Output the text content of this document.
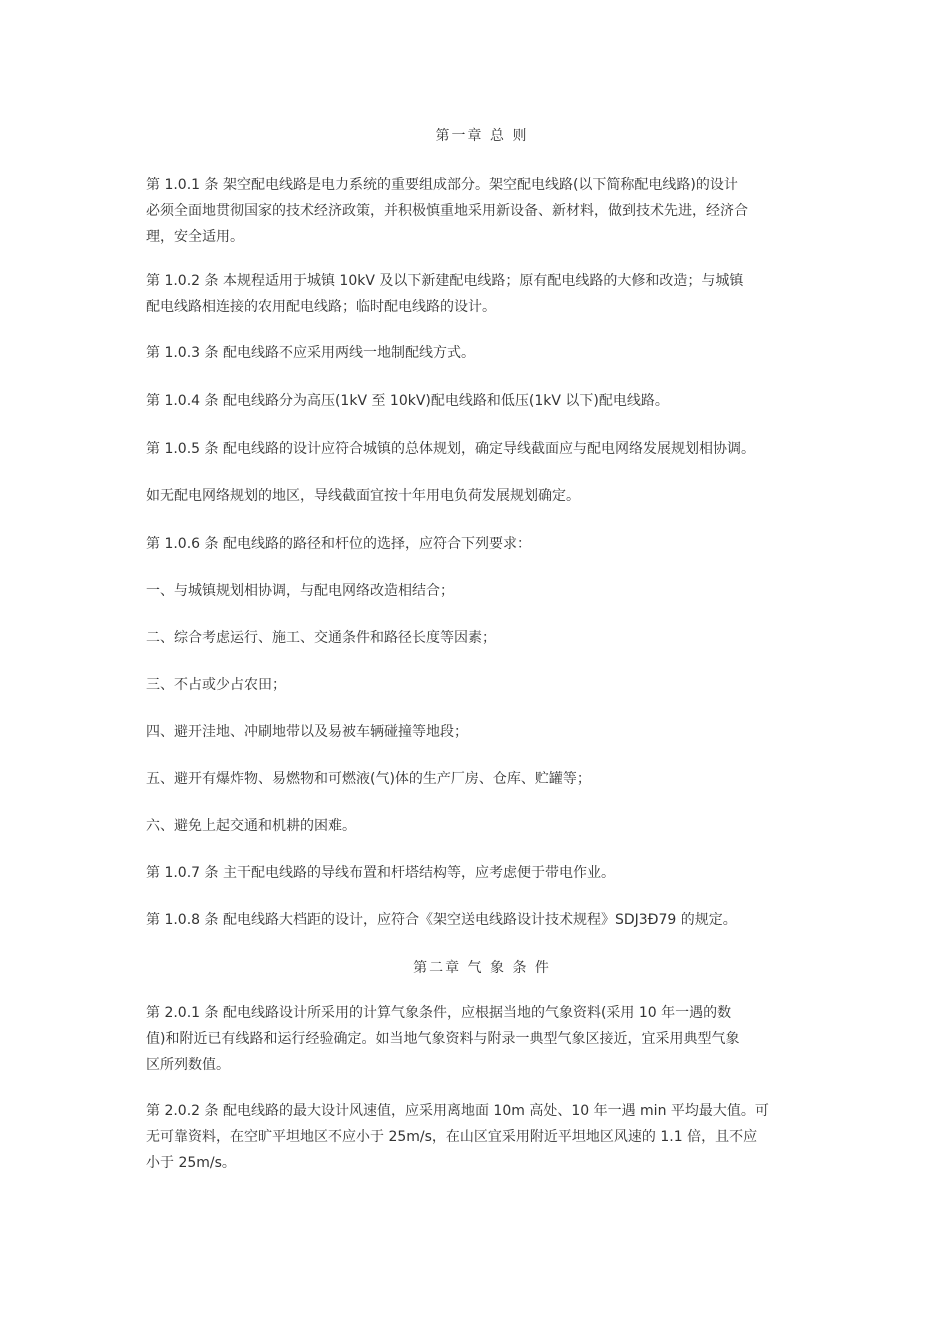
第一章 总 则
第 1.0.1 条 架空配电线路是电力系统的重要组成部分。架空配电线路(以下简称配电线路)的设计
必须全面地贯彻国家的技术经济政策，并积极慎重地采用新设备、新材料，做到技术先进，经济合
理，安全适用。
第 1.0.2 条 本规程适用于城镇 10kV 及以下新建配电线路；原有配电线路的大修和改造；与城镇
配电线路相连接的农用配电线路；临时配电线路的设计。
第 1.0.3 条 配电线路不应采用两线一地制配线方式。
第 1.0.4 条 配电线路分为高压(1kV 至 10kV)配电线路和低压(1kV 以下)配电线路。
第 1.0.5 条 配电线路的设计应符合城镇的总体规划，确定导线截面应与配电网络发展规划相协调。
如无配电网络规划的地区，导线截面宜按十年用电负荷发展规划确定。
第 1.0.6 条 配电线路的路径和杆位的选择，应符合下列要求：
一、与城镇规划相协调，与配电网络改造相结合；
二、综合考虑运行、施工、交通条件和路径长度等因素；
三、不占或少占农田；
四、避开洼地、冲刷地带以及易被车辆碰撞等地段；
五、避开有爆炸物、易燃物和可燃液(气)体的生产厂房、仓库、贮罐等；
六、避免上起交通和机耕的困难。
第 1.0.7 条 主干配电线路的导线布置和杆塔结构等，应考虑便于带电作业。
第 1.0.8 条 配电线路大档距的设计，应符合《架空送电线路设计技术规程》SDJ3Ð79 的规定。
第二章 气 象 条 件
第 2.0.1 条 配电线路设计所采用的计算气象条件，应根据当地的气象资料(采用 10 年一遇的数
值)和附近已有线路和运行经验确定。如当地气象资料与附录一典型气象区接近，宜采用典型气象
区所列数值。
第 2.0.2 条 配电线路的最大设计风速值，应采用离地面 10m 高处、10 年一遇 min 平均最大值。可
无可靠资料，在空旷平坦地区不应小于 25m/s，在山区宜采用附近平坦地区风速的 1.1 倍，且不应
小于 25m/s。
